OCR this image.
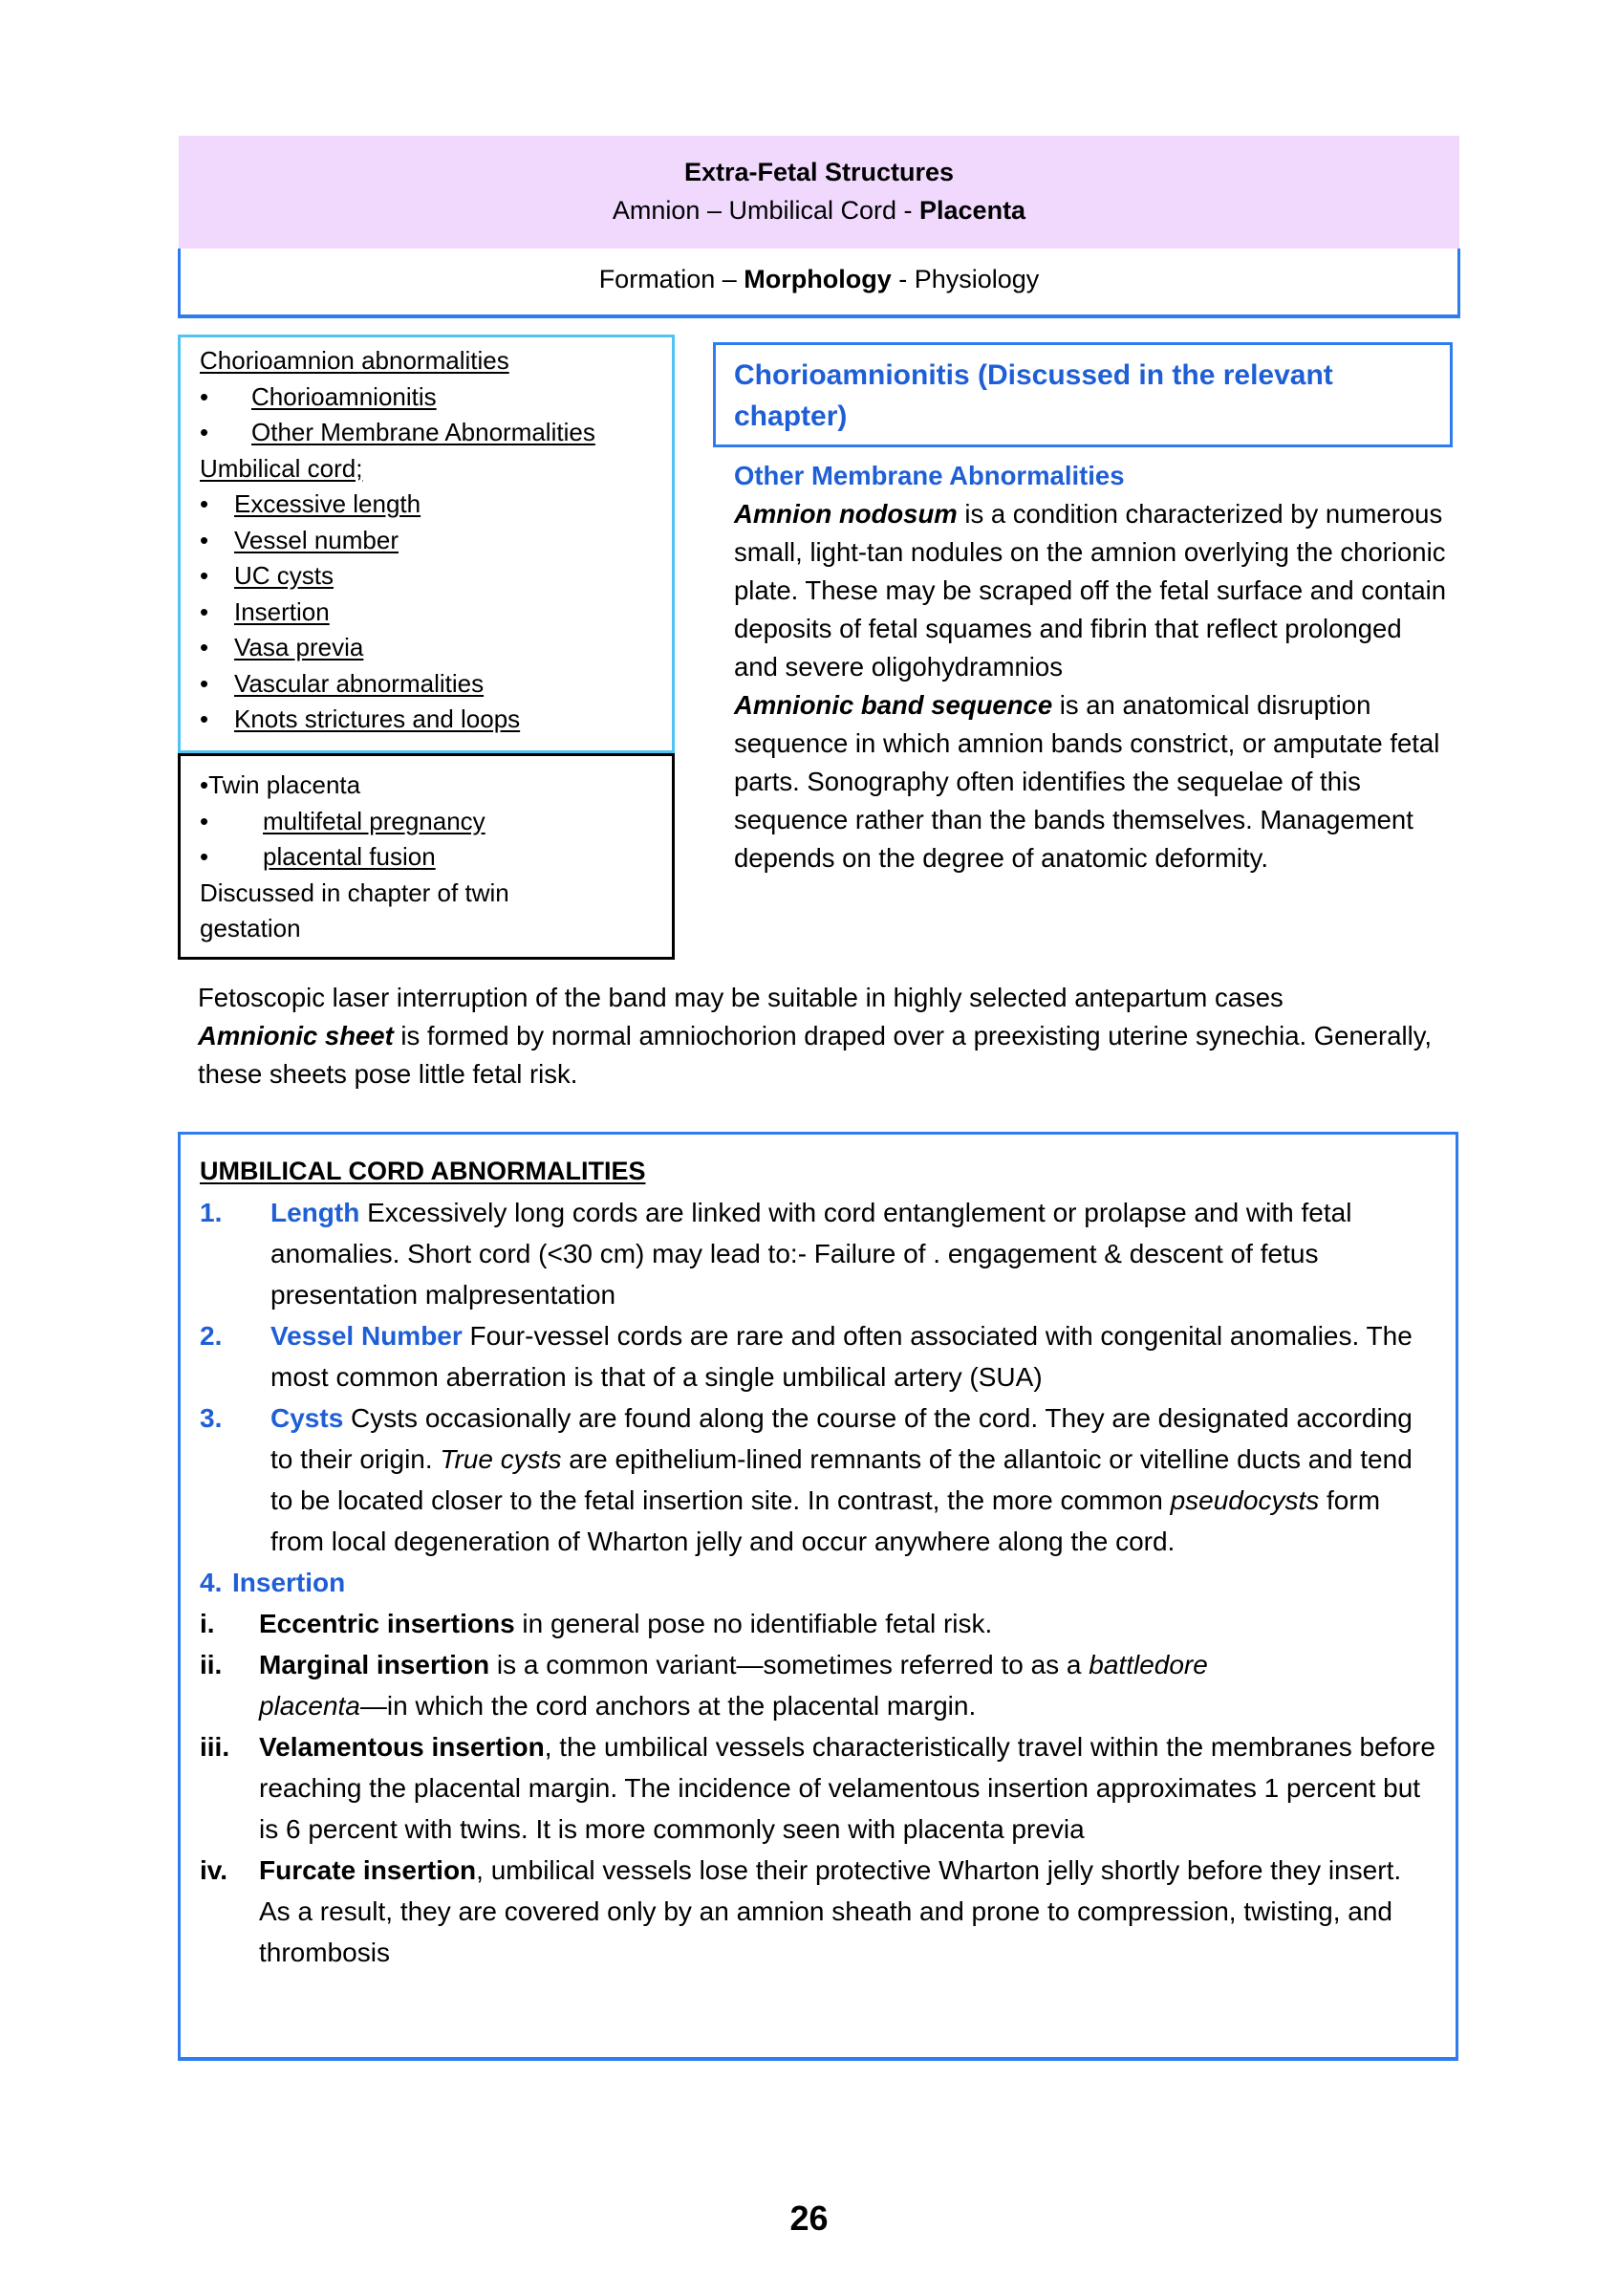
Extra-Fetal Structures
Amnion – Umbilical Cord - Placenta
Formation – Morphology - Physiology
Chorioamnion abnormalities
• Chorioamnionitis
• Other Membrane Abnormalities
Umbilical cord;
• Excessive length
• Vessel number
• UC cysts
• Insertion
• Vasa previa
• Vascular abnormalities
• Knots strictures and loops
•Twin placenta
• multifetal pregnancy
• placental fusion
Discussed in chapter of twin gestation
Chorioamnionitis (Discussed in the relevant chapter)
Other Membrane Abnormalities
Amnion nodosum is a condition characterized by numerous small, light-tan nodules on the amnion overlying the chorionic plate. These may be scraped off the fetal surface and contain deposits of fetal squames and fibrin that reflect prolonged and severe oligohydramnios
Amnionic band sequence is an anatomical disruption sequence in which amnion bands constrict, or amputate fetal parts. Sonography often identifies the sequelae of this sequence rather than the bands themselves. Management depends on the degree of anatomic deformity.
Fetoscopic laser interruption of the band may be suitable in highly selected antepartum cases
Amnionic sheet is formed by normal amniochorion draped over a preexisting uterine synechia. Generally, these sheets pose little fetal risk.
UMBILICAL CORD ABNORMALITIES
1.	Length Excessively long cords are linked with cord entanglement or prolapse and with fetal anomalies. Short cord (<30 cm) may lead to:- Failure of . engagement & descent of fetus presentation malpresentation
2.	Vessel Number Four-vessel cords are rare and often associated with congenital anomalies. The most common aberration is that of a single umbilical artery (SUA)
3.	Cysts Cysts occasionally are found along the course of the cord. They are designated according to their origin. True cysts are epithelium-lined remnants of the allantoic or vitelline ducts and tend to be located closer to the fetal insertion site. In contrast, the more common pseudocysts form from local degeneration of Wharton jelly and occur anywhere along the cord.
4. Insertion
i.	Eccentric insertions in general pose no identifiable fetal risk.
ii.	Marginal insertion is a common variant—sometimes referred to as a battledore placenta—in which the cord anchors at the placental margin.
iii.	Velamentous insertion, the umbilical vessels characteristically travel within the membranes before reaching the placental margin. The incidence of velamentous insertion approximates 1 percent but is 6 percent with twins. It is more commonly seen with placenta previa
iv.	Furcate insertion, umbilical vessels lose their protective Wharton jelly shortly before they insert. As a result, they are covered only by an amnion sheath and prone to compression, twisting, and thrombosis
26
